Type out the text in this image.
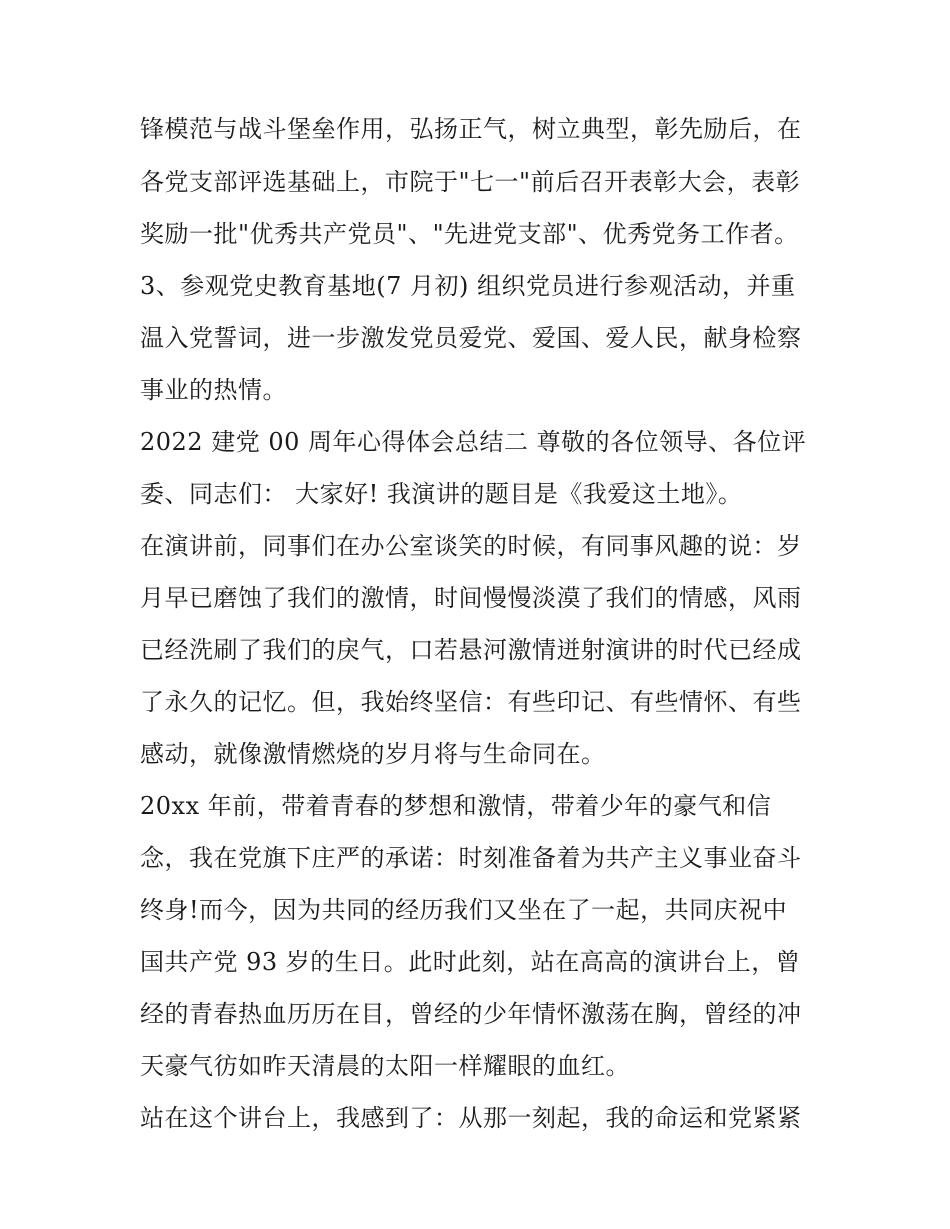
锋模范与战斗堡垒作用，弘扬正气，树立典型，彰先励后，在
各党支部评选基础上，市院于"七一"前后召开表彰大会，表彰
奖励一批"优秀共产党员"、"先进党支部"、优秀党务工作者。
3、参观党史教育基地(7 月初) 组织党员进行参观活动，并重
温入党誓词，进一步激发党员爱党、爱国、爱人民，献身检察
事业的热情。
2022 建党 00 周年心得体会总结二 尊敬的各位领导、各位评
委、同志们： 大家好! 我演讲的题目是《我爱这土地》。
在演讲前，同事们在办公室谈笑的时候，有同事风趣的说：岁
月早已磨蚀了我们的激情，时间慢慢淡漠了我们的情感，风雨
已经洗刷了我们的戾气，口若悬河激情迸射演讲的时代已经成
了永久的记忆。但，我始终坚信：有些印记、有些情怀、有些
感动，就像激情燃烧的岁月将与生命同在。
20xx 年前，带着青春的梦想和激情，带着少年的豪气和信
念，我在党旗下庄严的承诺：时刻准备着为共产主义事业奋斗
终身!而今，因为共同的经历我们又坐在了一起，共同庆祝中
国共产党 93 岁的生日。此时此刻，站在高高的演讲台上，曾
经的青春热血历历在目，曾经的少年情怀激荡在胸，曾经的冲
天豪气彷如昨天清晨的太阳一样耀眼的血红。
站在这个讲台上，我感到了：从那一刻起，我的命运和党紧紧
